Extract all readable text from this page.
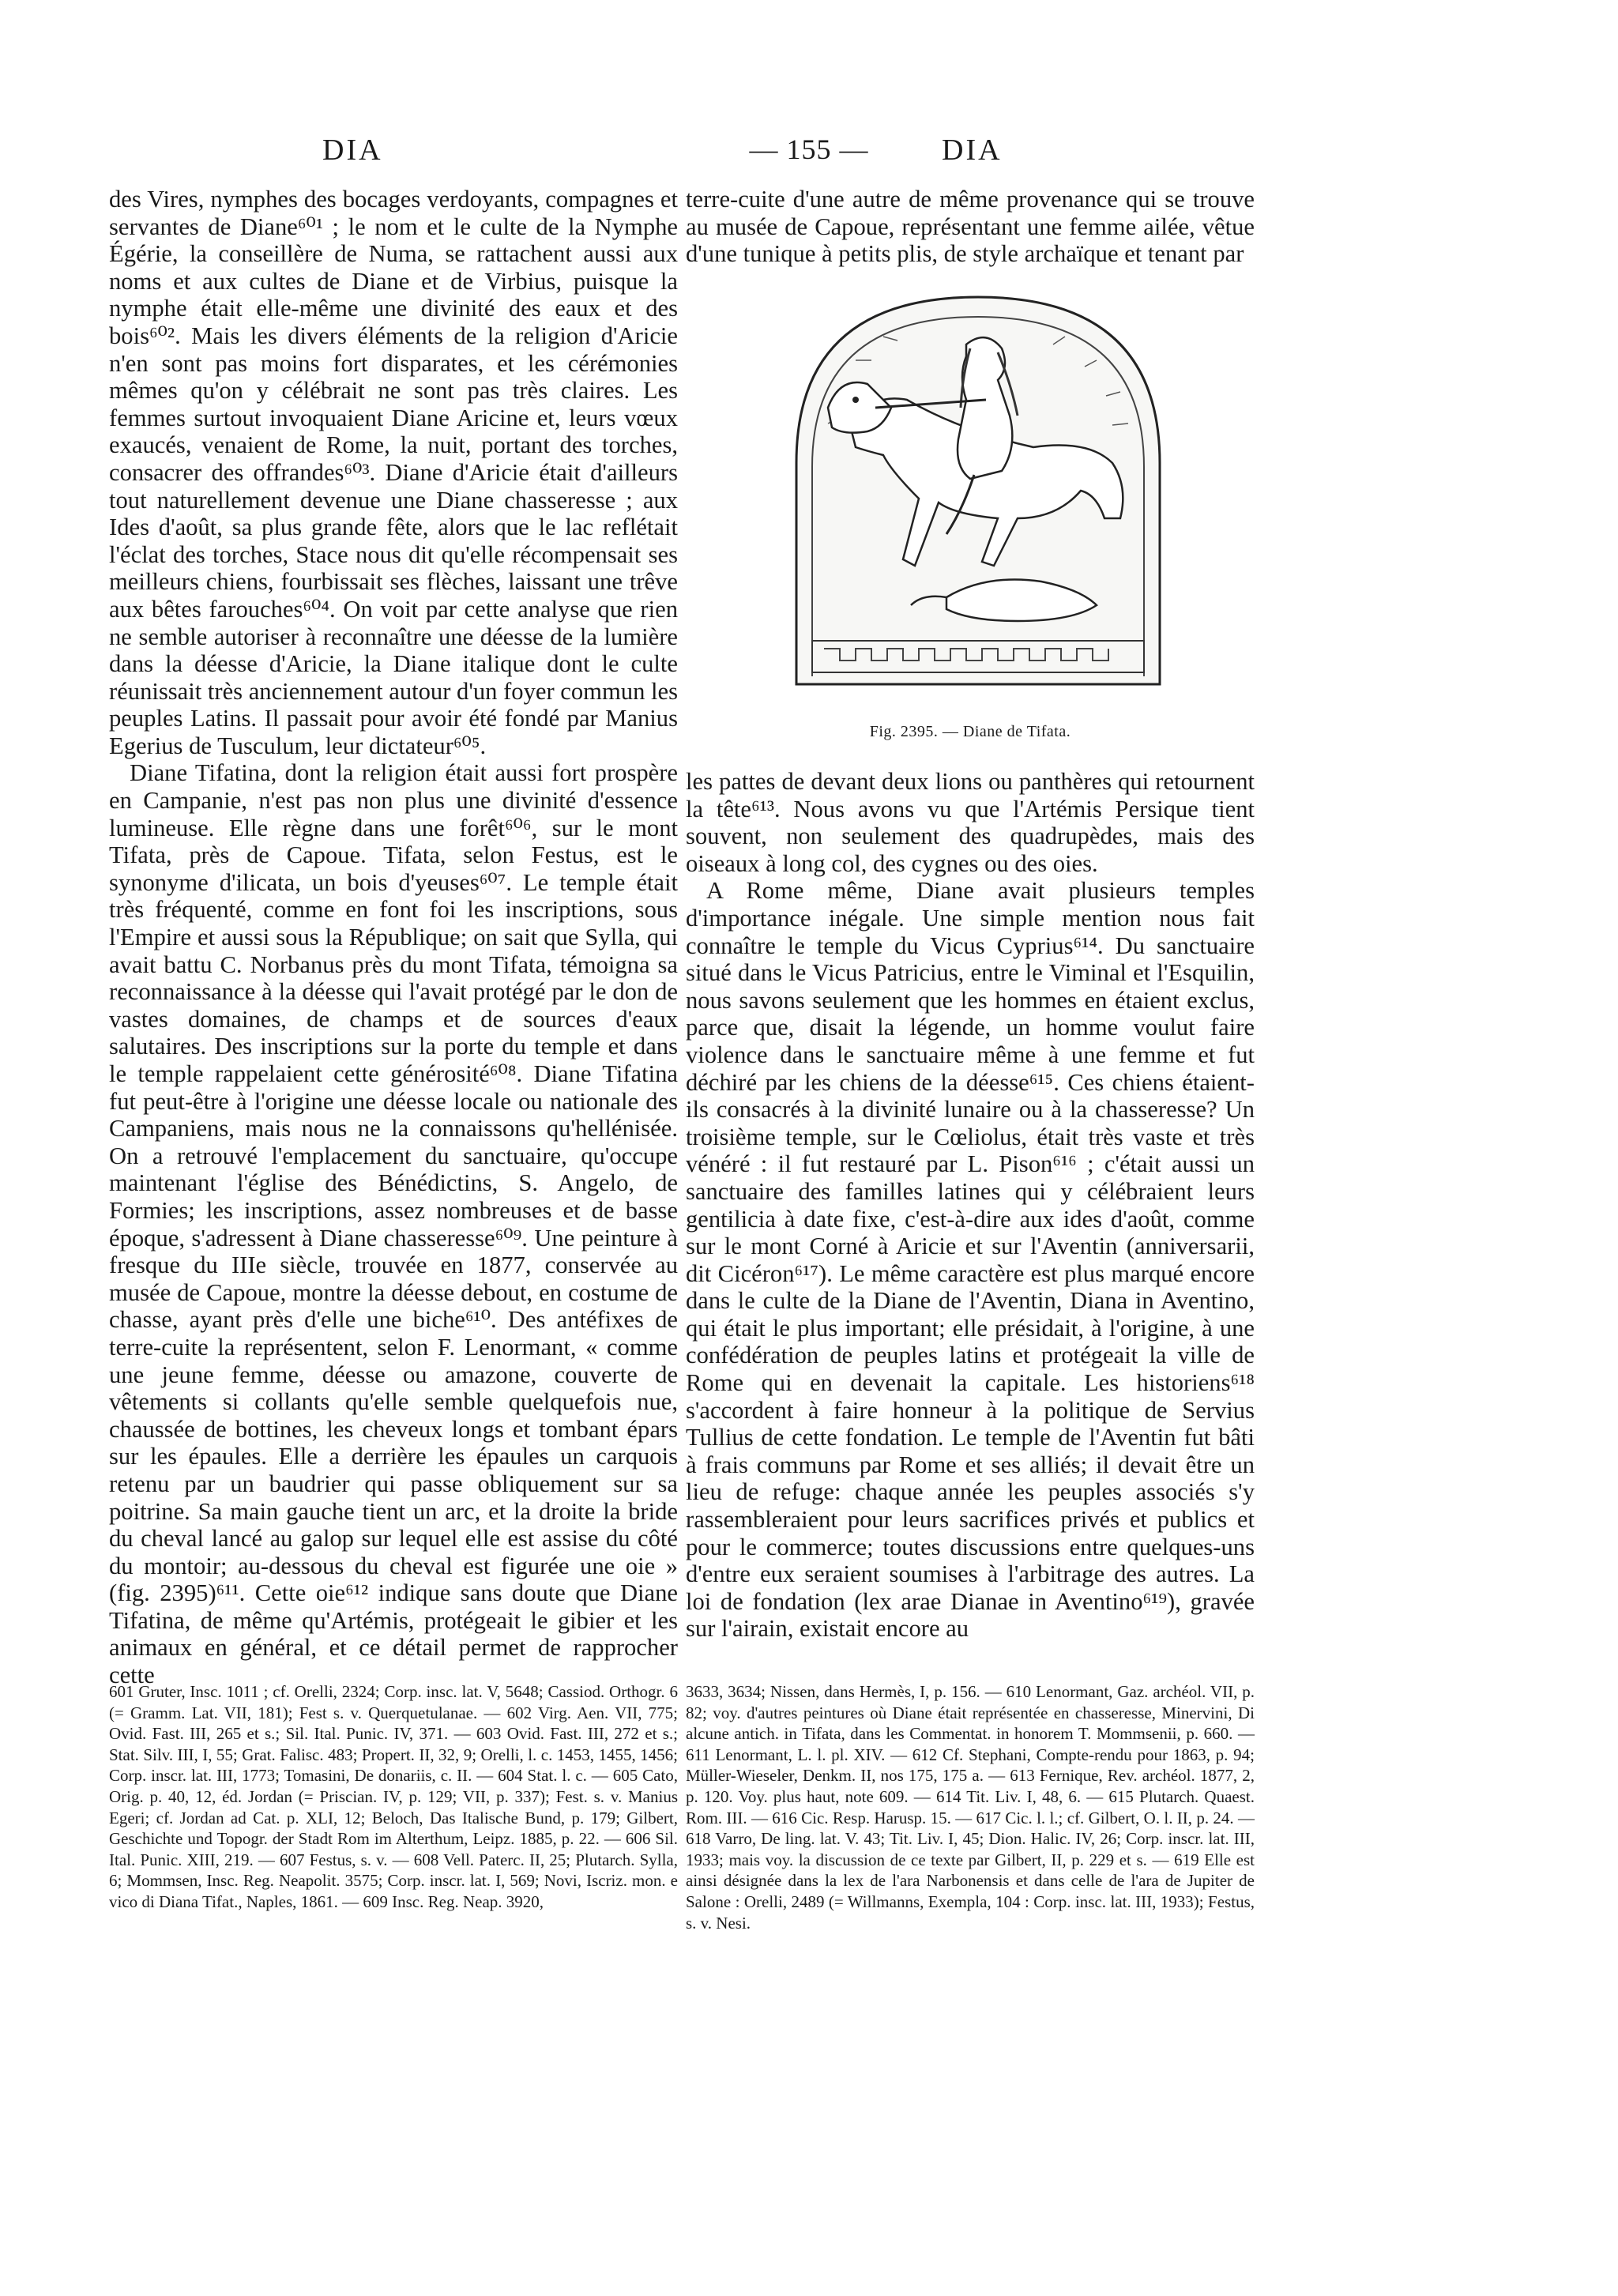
DIA	— 155 —	DIA

des Vires, nymphes des bocages verdoyants, compagnes et servantes de Diane⁶⁰¹ ; le nom et le culte de la Nymphe Égérie, la conseillère de Numa, se rattachent aussi aux noms et aux cultes de Diane et de Virbius, puisque la nymphe était elle-même une divinité des eaux et des bois⁶⁰². Mais les divers éléments de la religion d'Aricie n'en sont pas moins fort disparates, et les cérémonies mêmes qu'on y célébrait ne sont pas très claires. Les femmes surtout invoquaient Diane Aricine et, leurs vœux exaucés, venaient de Rome, la nuit, portant des torches, consacrer des offrandes⁶⁰³. Diane d'Aricie était d'ailleurs tout naturellement devenue une Diane chasseresse ; aux Ides d'août, sa plus grande fête, alors que le lac reflétait l'éclat des torches, Stace nous dit qu'elle récompensait ses meilleurs chiens, fourbissait ses flèches, laissant une trêve aux bêtes farouches⁶⁰⁴. On voit par cette analyse que rien ne semble autoriser à reconnaître une déesse de la lumière dans la déesse d'Aricie, la Diane italique dont le culte réunissait très anciennement autour d'un foyer commun les peuples Latins. Il passait pour avoir été fondé par Manius Egerius de Tusculum, leur dictateur⁶⁰⁵.

Diane Tifatina, dont la religion était aussi fort prospère en Campanie, n'est pas non plus une divinité d'essence lumineuse. Elle règne dans une forêt⁶⁰⁶, sur le mont Tifata, près de Capoue. Tifata, selon Festus, est le synonyme d'ilicata, un bois d'yeuses⁶⁰⁷. Le temple était très fréquenté, comme en font foi les inscriptions, sous l'Empire et aussi sous la République; on sait que Sylla, qui avait battu C. Norbanus près du mont Tifata, témoigna sa reconnaissance à la déesse qui l'avait protégé par le don de vastes domaines, de champs et de sources d'eaux salutaires. Des inscriptions sur la porte du temple et dans le temple rappelaient cette générosité⁶⁰⁸. Diane Tifatina fut peut-être à l'origine une déesse locale ou nationale des Campaniens, mais nous ne la connaissons qu'hellénisée. On a retrouvé l'emplacement du sanctuaire, qu'occupe maintenant l'église des Bénédictins, S. Angelo, de Formies; les inscriptions, assez nombreuses et de basse époque, s'adressent à Diane chasseresse⁶⁰⁹. Une peinture à fresque du IIIe siècle, trouvée en 1877, conservée au musée de Capoue, montre la déesse debout, en costume de chasse, ayant près d'elle une biche⁶¹⁰. Des antéfixes de terre-cuite la représentent, selon F. Lenormant, « comme une jeune femme, déesse ou amazone, couverte de vêtements si collants qu'elle semble quelquefois nue, chaussée de bottines, les cheveux longs et tombant épars sur les épaules. Elle a derrière les épaules un carquois retenu par un baudrier qui passe obliquement sur sa poitrine. Sa main gauche tient un arc, et la droite la bride du cheval lancé au galop sur lequel elle est assise du côté du montoir; au-dessous du cheval est figurée une oie » (fig. 2395)⁶¹¹. Cette oie⁶¹² indique sans doute que Diane Tifatina, de même qu'Artémis, protégeait le gibier et les animaux en général, et ce détail permet de rapprocher cette

terre-cuite d'une autre de même provenance qui se trouve au musée de Capoue, représentant une femme ailée, vêtue d'une tunique à petits plis, de style archaïque et tenant par

Fig. 2395. — Diane de Tifata.

les pattes de devant deux lions ou panthères qui retournent la tête⁶¹³. Nous avons vu que l'Artémis Persique tient souvent, non seulement des quadrupèdes, mais des oiseaux à long col, des cygnes ou des oies.

A Rome même, Diane avait plusieurs temples d'importance inégale. Une simple mention nous fait connaître le temple du Vicus Cyprius⁶¹⁴. Du sanctuaire situé dans le Vicus Patricius, entre le Viminal et l'Esquilin, nous savons seulement que les hommes en étaient exclus, parce que, disait la légende, un homme voulut faire violence dans le sanctuaire même à une femme et fut déchiré par les chiens de la déesse⁶¹⁵. Ces chiens étaient-ils consacrés à la divinité lunaire ou à la chasseresse? Un troisième temple, sur le Cœliolus, était très vaste et très vénéré : il fut restauré par L. Pison⁶¹⁶ ; c'était aussi un sanctuaire des familles latines qui y célébraient leurs gentilicia à date fixe, c'est-à-dire aux ides d'août, comme sur le mont Corné à Aricie et sur l'Aventin (anniversarii, dit Cicéron⁶¹⁷). Le même caractère est plus marqué encore dans le culte de la Diane de l'Aventin, Diana in Aventino, qui était le plus important; elle présidait, à l'origine, à une confédération de peuples latins et protégeait la ville de Rome qui en devenait la capitale. Les historiens⁶¹⁸ s'accordent à faire honneur à la politique de Servius Tullius de cette fondation. Le temple de l'Aventin fut bâti à frais communs par Rome et ses alliés; il devait être un lieu de refuge: chaque année les peuples associés s'y rassembleraient pour leurs sacrifices privés et publics et pour le commerce; toutes discussions entre quelques-uns d'entre eux seraient soumises à l'arbitrage des autres. La loi de fondation (lex arae Dianae in Aventino⁶¹⁹), gravée sur l'airain, existait encore au

601 Gruter, Insc. 1011 ; cf. Orelli, 2324; Corp. insc. lat. V, 5648; Cassiod. Orthogr. 6 (= Gramm. Lat. VII, 181); Fest s. v. Querquetulanae. — 602 Virg. Aen. VII, 775; Ovid. Fast. III, 265 et s.; Sil. Ital. Punic. IV, 371. — 603 Ovid. Fast. III, 272 et s.; Stat. Silv. III, I, 55; Grat. Falisc. 483; Propert. II, 32, 9; Orelli, l. c. 1453, 1455, 1456; Corp. inscr. lat. III, 1773; Tomasini, De donariis, c. II. — 604 Stat. l. c. — 605 Cato, Orig. p. 40, 12, éd. Jordan (= Priscian. IV, p. 129; VII, p. 337); Fest. s. v. Manius Egeri; cf. Jordan ad Cat. p. XLI, 12; Beloch, Das Italische Bund, p. 179; Gilbert, Geschichte und Topogr. der Stadt Rom im Alterthum, Leipz. 1885, p. 22. — 606 Sil. Ital. Punic. XIII, 219. — 607 Festus, s. v. — 608 Vell. Paterc. II, 25; Plutarch. Sylla, 6; Mommsen, Insc. Reg. Neapolit. 3575; Corp. inscr. lat. I, 569; Novi, Iscriz. mon. e vico di Diana Tifat., Naples, 1861. — 609 Insc. Reg. Neap. 3920,

3633, 3634; Nissen, dans Hermès, I, p. 156. — 610 Lenormant, Gaz. archéol. VII, p. 82; voy. d'autres peintures où Diane était représentée en chasseresse, Minervini, Di alcune antich. in Tifata, dans les Commentat. in honorem T. Mommsenii, p. 660. — 611 Lenormant, L. l. pl. XIV. — 612 Cf. Stephani, Compte-rendu pour 1863, p. 94; Müller-Wieseler, Denkm. II, nos 175, 175 a. — 613 Fernique, Rev. archéol. 1877, 2, p. 120. Voy. plus haut, note 609. — 614 Tit. Liv. I, 48, 6. — 615 Plutarch. Quaest. Rom. III. — 616 Cic. Resp. Harusp. 15. — 617 Cic. l. l.; cf. Gilbert, O. l. II, p. 24. — 618 Varro, De ling. lat. V. 43; Tit. Liv. I, 45; Dion. Halic. IV, 26; Corp. inscr. lat. III, 1933; mais voy. la discussion de ce texte par Gilbert, II, p. 229 et s. — 619 Elle est ainsi désignée dans la lex de l'ara Narbonensis et dans celle de l'ara de Jupiter de Salone : Orelli, 2489 (= Willmanns, Exempla, 104 : Corp. insc. lat. III, 1933); Festus, s. v. Nesi.
